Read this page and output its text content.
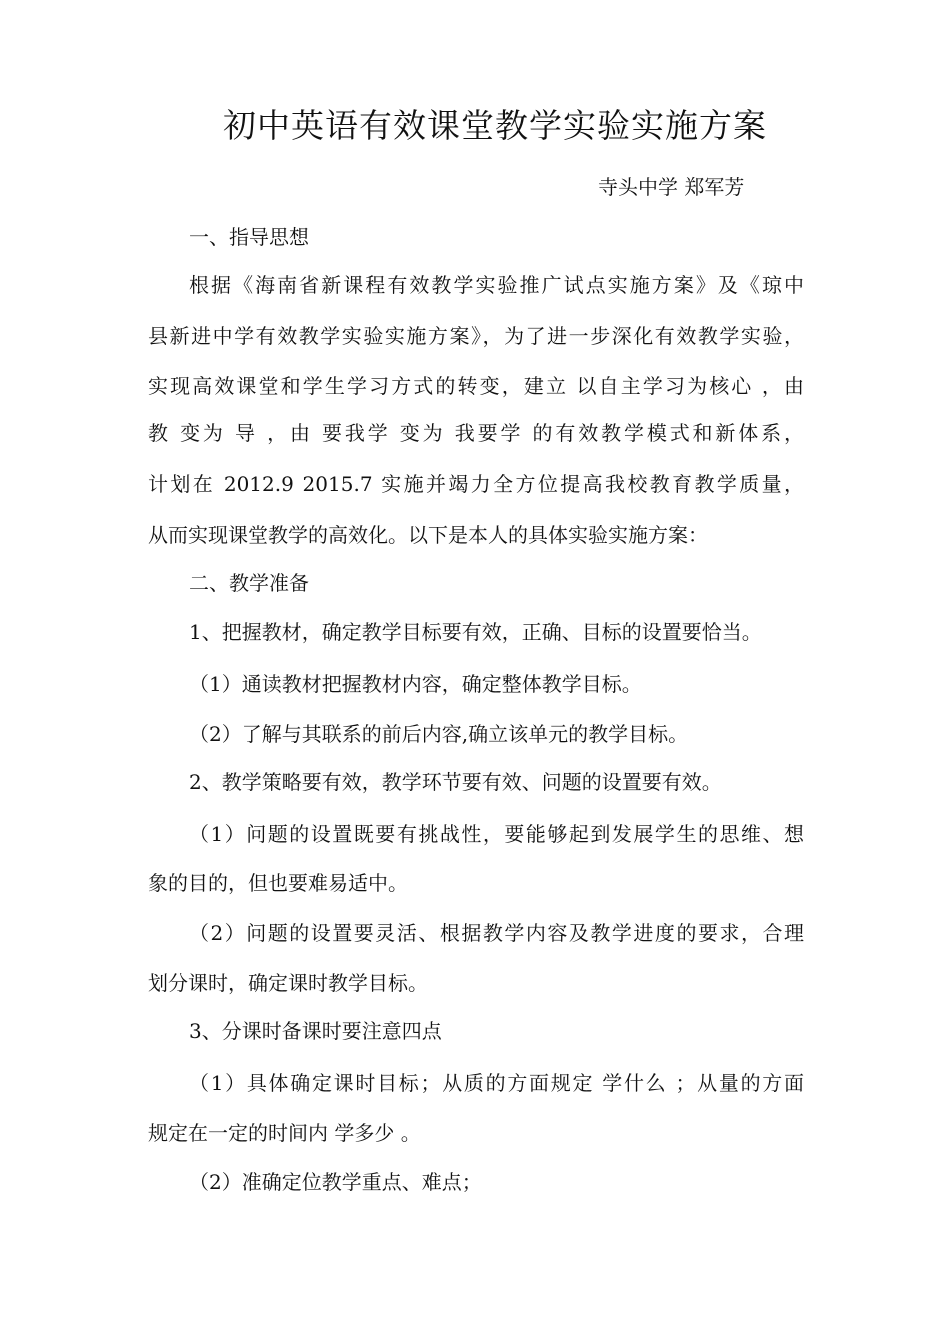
初中英语有效课堂教学实验实施方案
寺头中学 郑军芳
一、指导思想
根据《海南省新课程有效教学实验推广试点实施方案》及《琼中
县新进中学有效教学实验实施方案》，为了进一步深化有效教学实验，
实现高效课堂和学生学习方式的转变，建立 以自主学习为核心 ，由
教 变为 导 ，由 要我学 变为 我要学 的有效教学模式和新体系，
计划在 2012.9 2015.7 实施并竭力全方位提高我校教育教学质量，
从而实现课堂教学的高效化。以下是本人的具体实验实施方案：
二、教学准备
1、把握教材，确定教学目标要有效，正确、目标的设置要恰当。
（1）通读教材把握教材内容，确定整体教学目标。
（2）了解与其联系的前后内容,确立该单元的教学目标。
2、教学策略要有效，教学环节要有效、问题的设置要有效。
（1）问题的设置既要有挑战性，要能够起到发展学生的思维、想
象的目的，但也要难易适中。
（2）问题的设置要灵活、根据教学内容及教学进度的要求，合理
划分课时，确定课时教学目标。
3、分课时备课时要注意四点
（1）具体确定课时目标；从质的方面规定 学什么 ；从量的方面
规定在一定的时间内 学多少 。
（2）准确定位教学重点、难点；
